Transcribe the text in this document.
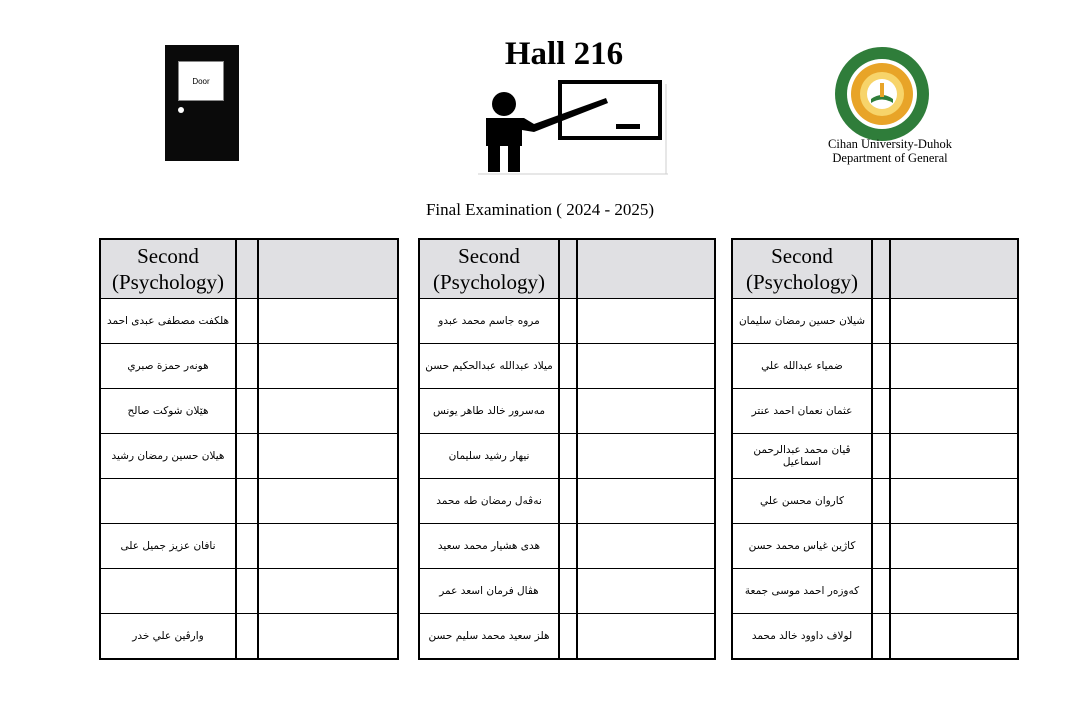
Door
Hall 216
Cihan University-Duhok
Department of General
Final Examination ( 2024 - 2025)
Second
(Psychology)		

هلكفت مصطفى عبدى احمد		
هونەر حمزة صبري		
هێلان شوكت صالح		
هيلان حسين رمضان رشيد		

نافان عزيز جميل على		

وارڤين علي خدر		
Second
(Psychology)		

مروه جاسم محمد عبدو		
ميلاد عبدالله عبدالحكيم حسن		
مەسرور خالد طاهر يونس		
نيهار رشيد سليمان		
نەڤەل رمضان طه محمد		
هدى هشيار محمد سعيد		
هڤال فرمان اسعد عمر		
هلز سعيد محمد سليم حسن		
Second
(Psychology)		

شيلان حسين رمضان سليمان		
ضمياء عبدالله علي		
عثمان نعمان احمد عنتر		
ڤيان محمد عبدالرحمن اسماعيل		
كاروان محسن علي		
كاژين غياس محمد حسن		
كەوزەر احمد موسى جمعة		
لولاف داوود خالد محمد		
